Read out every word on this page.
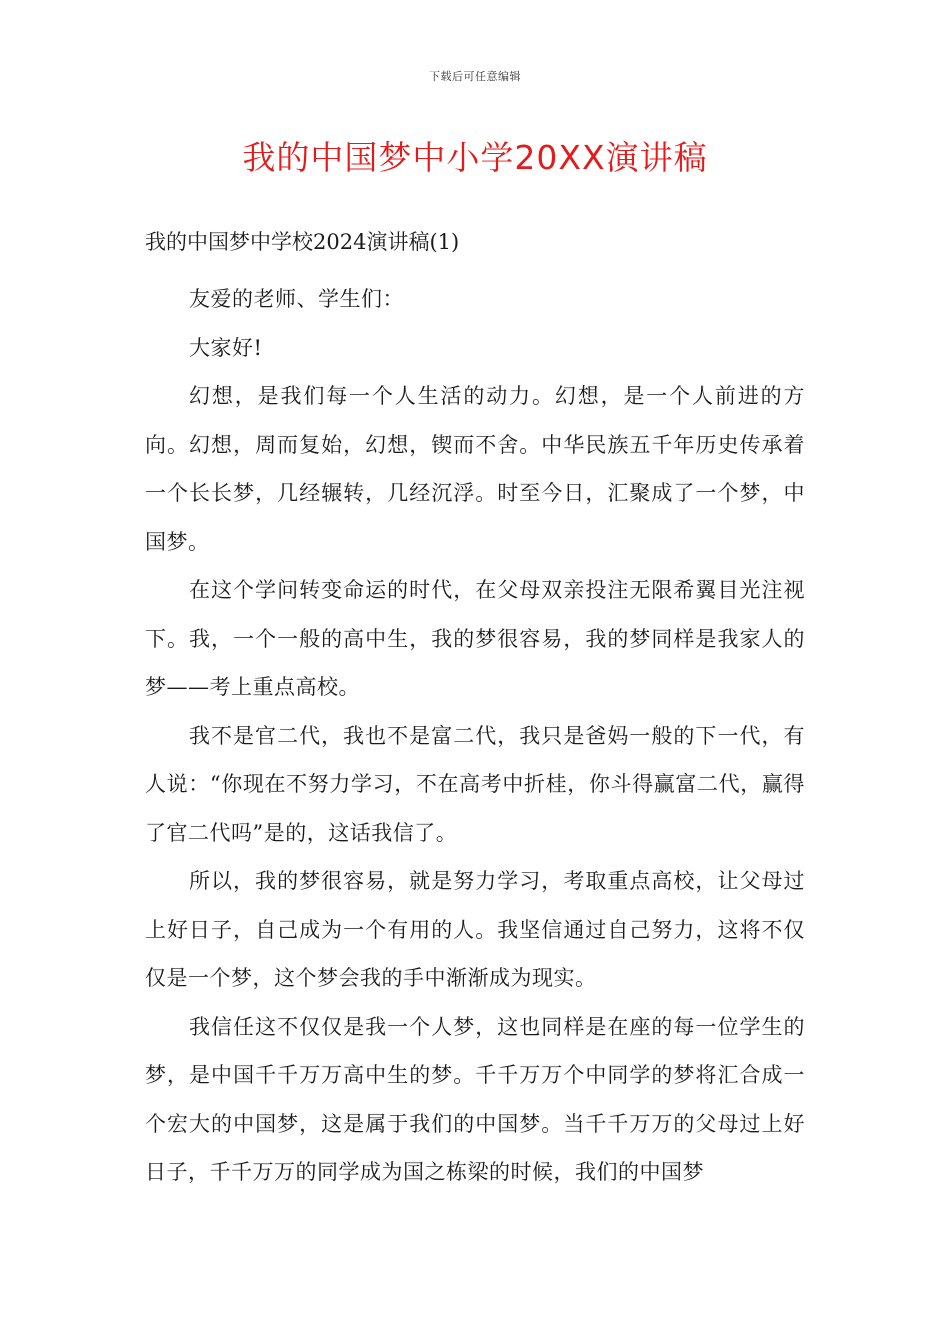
下载后可任意编辑
我的中国梦中小学20XX演讲稿

我的中国梦中学校2024演讲稿(1)

友爱的老师、学生们：

大家好!

幻想，是我们每一个人生活的动力。幻想，是一个人前进的方向。幻想，周而复始，幻想，锲而不舍。中华民族五千年历史传承着一个长长梦，几经辗转，几经沉浮。时至今日，汇聚成了一个梦，中国梦。

在这个学问转变命运的时代，在父母双亲投注无限希翼目光注视下。我，一个一般的高中生，我的梦很容易，我的梦同样是我家人的梦——考上重点高校。

我不是官二代，我也不是富二代，我只是爸妈一般的下一代，有人说：“你现在不努力学习，不在高考中折桂，你斗得赢富二代，赢得了官二代吗”是的，这话我信了。

所以，我的梦很容易，就是努力学习，考取重点高校，让父母过上好日子，自己成为一个有用的人。我坚信通过自己努力，这将不仅仅是一个梦，这个梦会我的手中渐渐成为现实。

我信任这不仅仅是我一个人梦，这也同样是在座的每一位学生的梦，是中国千千万万高中生的梦。千千万万个中同学的梦将汇合成一个宏大的中国梦，这是属于我们的中国梦。当千千万万的父母过上好日子，千千万万的同学成为国之栋梁的时候，我们的中国梦
